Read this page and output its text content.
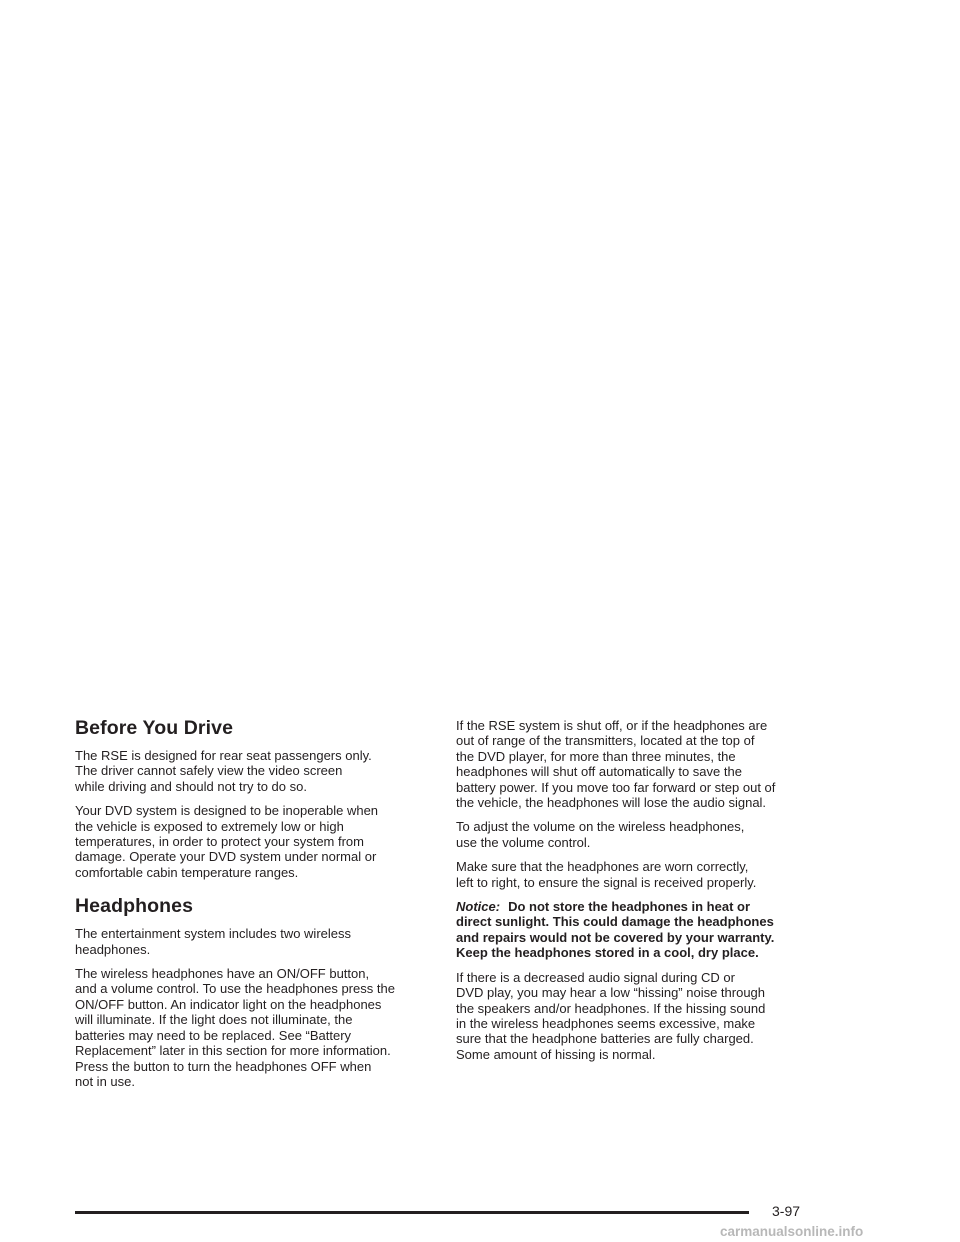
Before You Drive

The RSE is designed for rear seat passengers only.
The driver cannot safely view the video screen
while driving and should not try to do so.

Your DVD system is designed to be inoperable when
the vehicle is exposed to extremely low or high
temperatures, in order to protect your system from
damage. Operate your DVD system under normal or
comfortable cabin temperature ranges.

Headphones

The entertainment system includes two wireless
headphones.

The wireless headphones have an ON/OFF button,
and a volume control. To use the headphones press the
ON/OFF button. An indicator light on the headphones
will illuminate. If the light does not illuminate, the
batteries may need to be replaced. See “Battery
Replacement” later in this section for more information.
Press the button to turn the headphones OFF when
not in use.

If the RSE system is shut off, or if the headphones are
out of range of the transmitters, located at the top of
the DVD player, for more than three minutes, the
headphones will shut off automatically to save the
battery power. If you move too far forward or step out of
the vehicle, the headphones will lose the audio signal.

To adjust the volume on the wireless headphones,
use the volume control.

Make sure that the headphones are worn correctly,
left to right, to ensure the signal is received properly.

Notice: Do not store the headphones in heat or
direct sunlight. This could damage the headphones
and repairs would not be covered by your warranty.
Keep the headphones stored in a cool, dry place.

If there is a decreased audio signal during CD or
DVD play, you may hear a low “hissing” noise through
the speakers and/or headphones. If the hissing sound
in the wireless headphones seems excessive, make
sure that the headphone batteries are fully charged.
Some amount of hissing is normal.

3-97
carmanualsonline.info
